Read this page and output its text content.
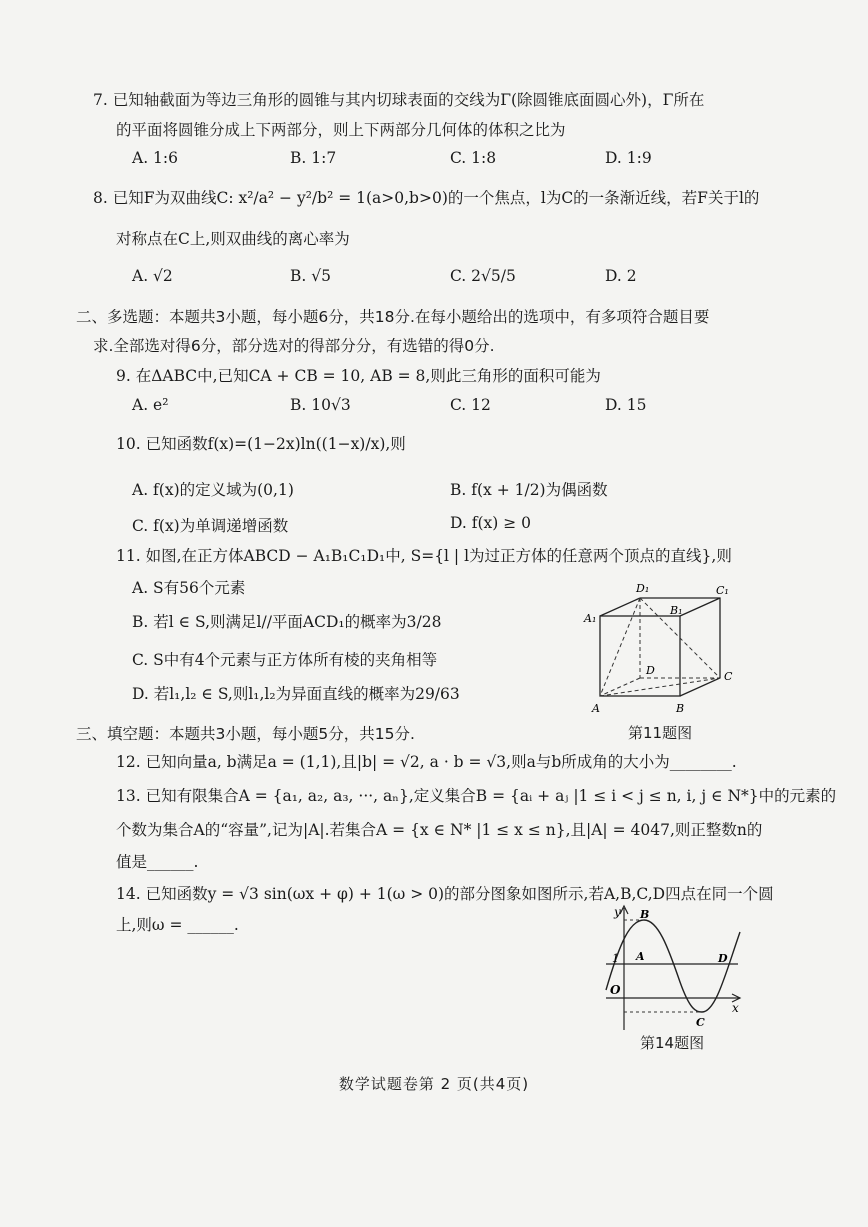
7. 已知轴截面为等边三角形的圆锥与其内切球表面的交线为Γ(除圆锥底面圆心外)，Γ所在
的平面将圆锥分成上下两部分，则上下两部分几何体的体积之比为
A. 1:6	B. 1:7	C. 1:8	D. 1:9
8. 已知F为双曲线C: x²/a² − y²/b² = 1(a>0,b>0)的一个焦点，l为C的一条渐近线，若F关于l的
对称点在C上,则双曲线的离心率为
A. √2	B. √5	C. 2√5/5	D. 2
二、多选题：本题共3小题，每小题6分，共18分.在每小题给出的选项中，有多项符合题目要
求.全部选对得6分，部分选对的得部分分，有选错的得0分.
9. 在ΔABC中,已知CA + CB = 10, AB = 8,则此三角形的面积可能为
A. e²	B. 10√3	C. 12	D. 15
10. 已知函数f(x)=(1−2x)ln((1−x)/x),则
A. f(x)的定义域为(0,1)	B. f(x + 1/2)为偶函数
C. f(x)为单调递增函数	D. f(x) ≥ 0
11. 如图,在正方体ABCD − A₁B₁C₁D₁中, S={l | l为过正方体的任意两个顶点的直线},则
A. S有56个元素
B. 若l ∈ S,则满足l//平面ACD₁的概率为3/28
C. S中有4个元素与正方体所有棱的夹角相等
D. 若l₁,l₂ ∈ S,则l₁,l₂为异面直线的概率为29/63
D₁	C₁
A₁
B₁
D	C
A	B
第11题图
三、填空题：本题共3小题，每小题5分，共15分.
12. 已知向量a, b满足a = (1,1),且|b| = √2, a · b = √3,则a与b所成角的大小为________.
13. 已知有限集合A = {a₁, a₂, a₃, ···, aₙ},定义集合B = {aᵢ + aⱼ |1 ≤ i < j ≤ n, i, j ∈ N*}中的元素的
个数为集合A的“容量”,记为|A|.若集合A = {x ∈ N* |1 ≤ x ≤ n},且|A| = 4047,则正整数n的
值是______.
14. 已知函数y = √3 sin(ωx + φ) + 1(ω > 0)的部分图象如图所示,若A,B,C,D四点在同一个圆
上,则ω = ______.
y
x
O
1 A
B
C
D
第14题图
数学试题卷第 2 页(共4页)
